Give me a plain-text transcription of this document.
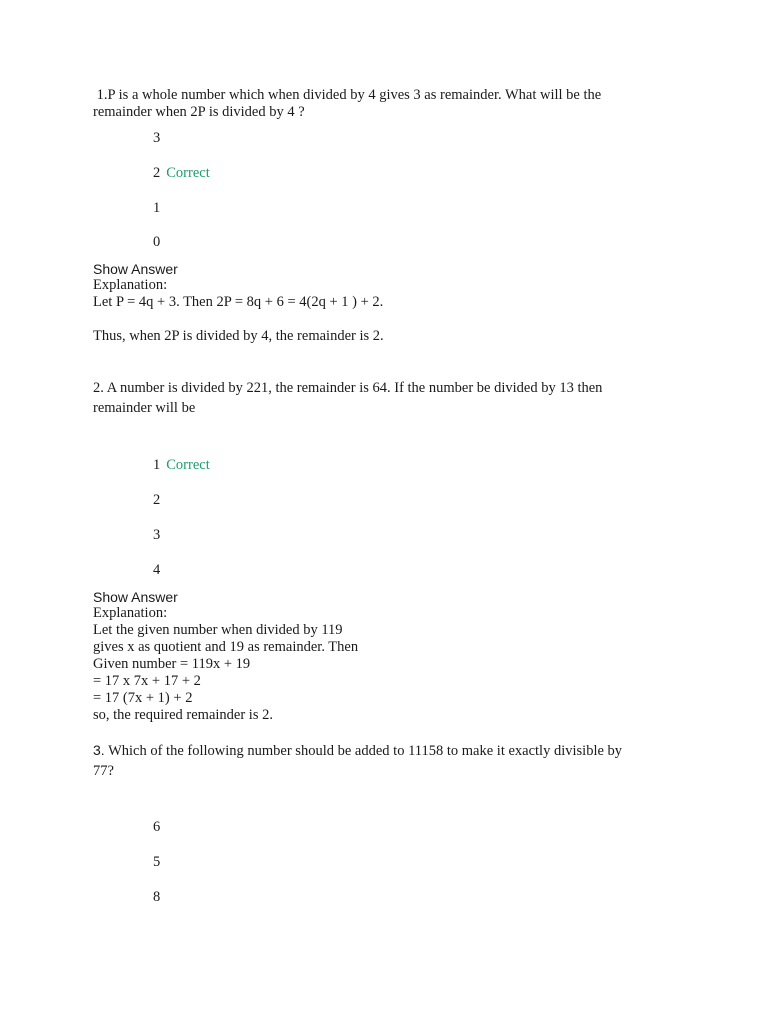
1.P is a whole number which when divided by 4 gives 3 as remainder. What will be the
remainder when 2P is divided by 4 ?
3
2 Correct
1
0
Show Answer
Explanation:
Let P = 4q + 3. Then 2P = 8q + 6 = 4(2q + 1 ) + 2.
Thus, when 2P is divided by 4, the remainder is 2.
2. A number is divided by 221, the remainder is 64. If the number be divided by 13 then
remainder will be
1 Correct
2
3
4
Show Answer
Explanation:
Let the given number when divided by 119
gives x as quotient and 19 as remainder. Then
Given number = 119x + 19
= 17 x 7x + 17 + 2
= 17 (7x + 1) + 2
so, the required remainder is 2.
3. Which of the following number should be added to 11158 to make it exactly divisible by
77?
6
5
8
